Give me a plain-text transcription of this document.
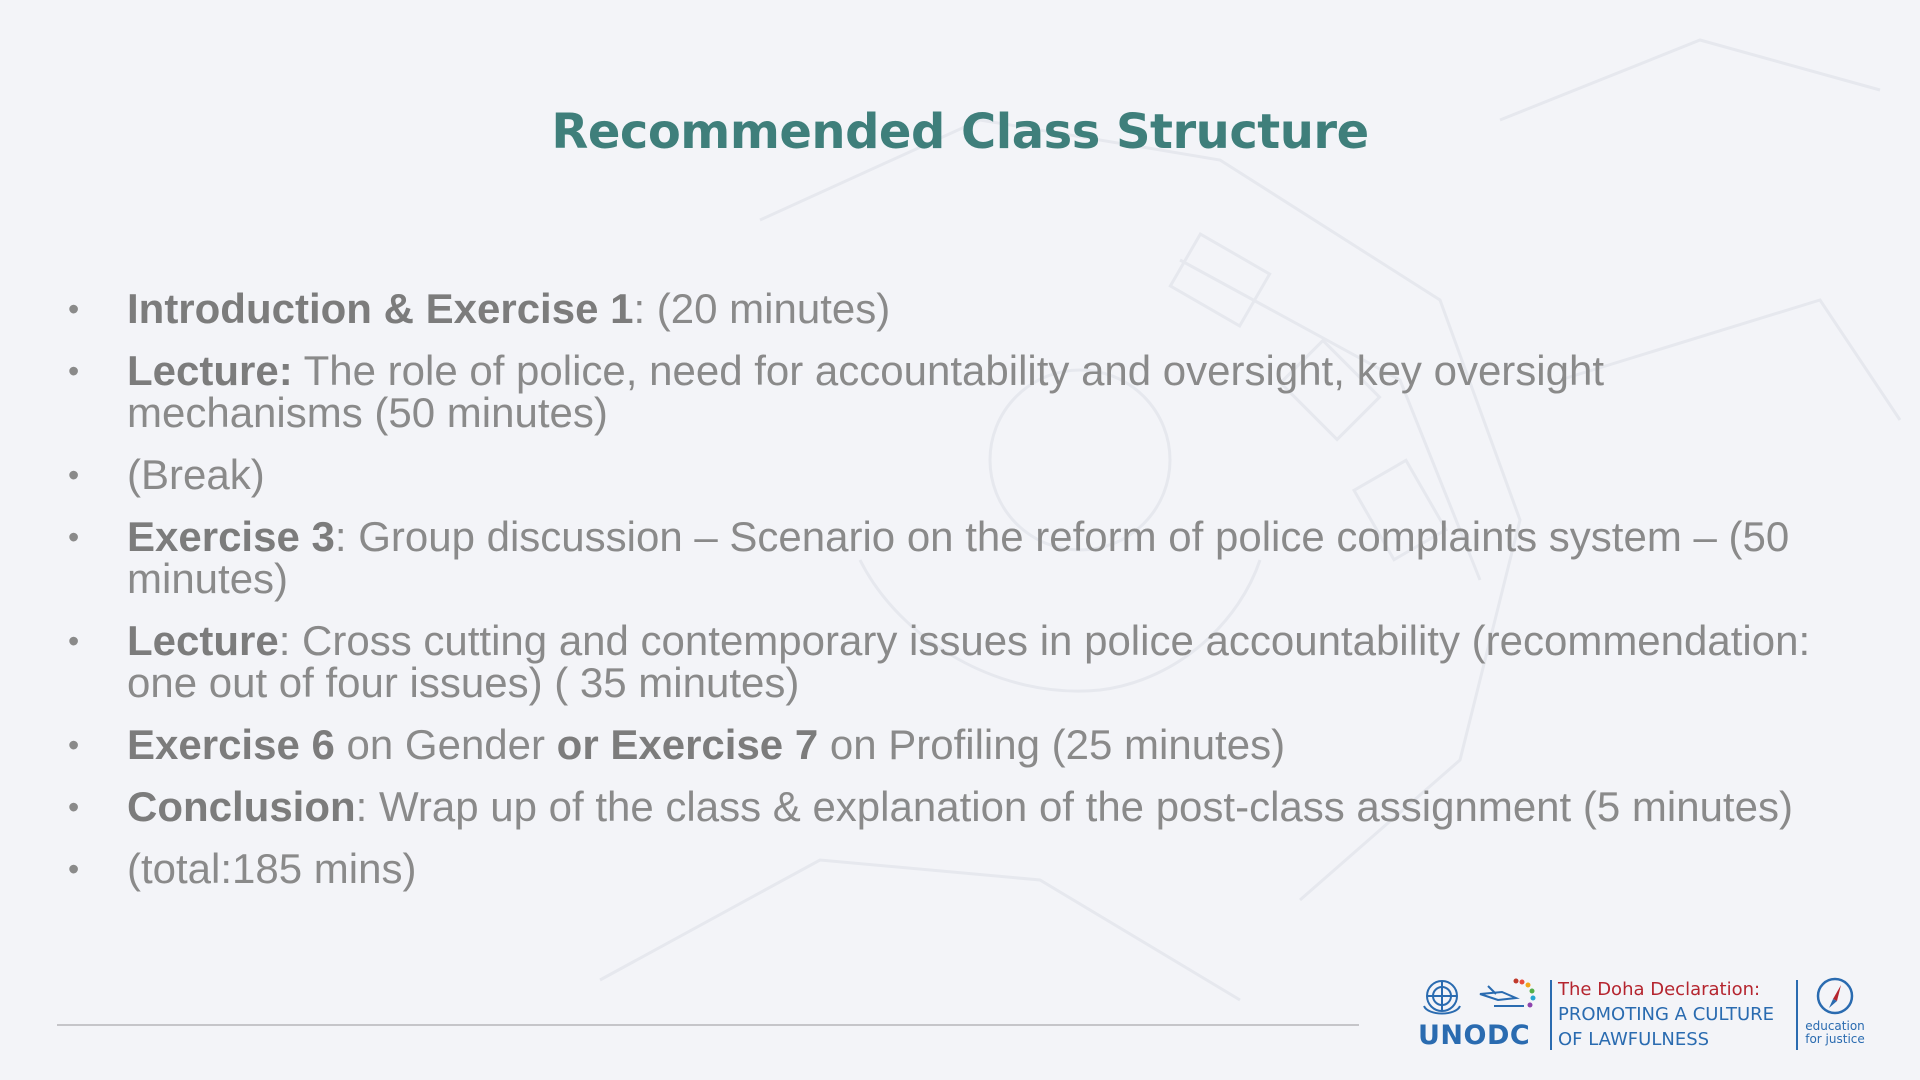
Recommended Class Structure
•	Introduction & Exercise 1: (20 minutes)
•	Lecture: The role of police, need for accountability and oversight, key oversight mechanisms (50 minutes)
•	(Break)
•	Exercise 3: Group discussion – Scenario on the reform of police complaints system – (50 minutes)
•	Lecture: Cross cutting and contemporary issues in police accountability (recommendation: one out of four issues) ( 35 minutes)
•	Exercise 6 on Gender or Exercise 7 on Profiling (25 minutes)
•	Conclusion: Wrap up of the class & explanation of the post-class assignment (5 minutes)
•	(total:185 mins)
UNODC
The Doha Declaration:
PROMOTING A CULTURE
OF LAWFULNESS
education
for justice
